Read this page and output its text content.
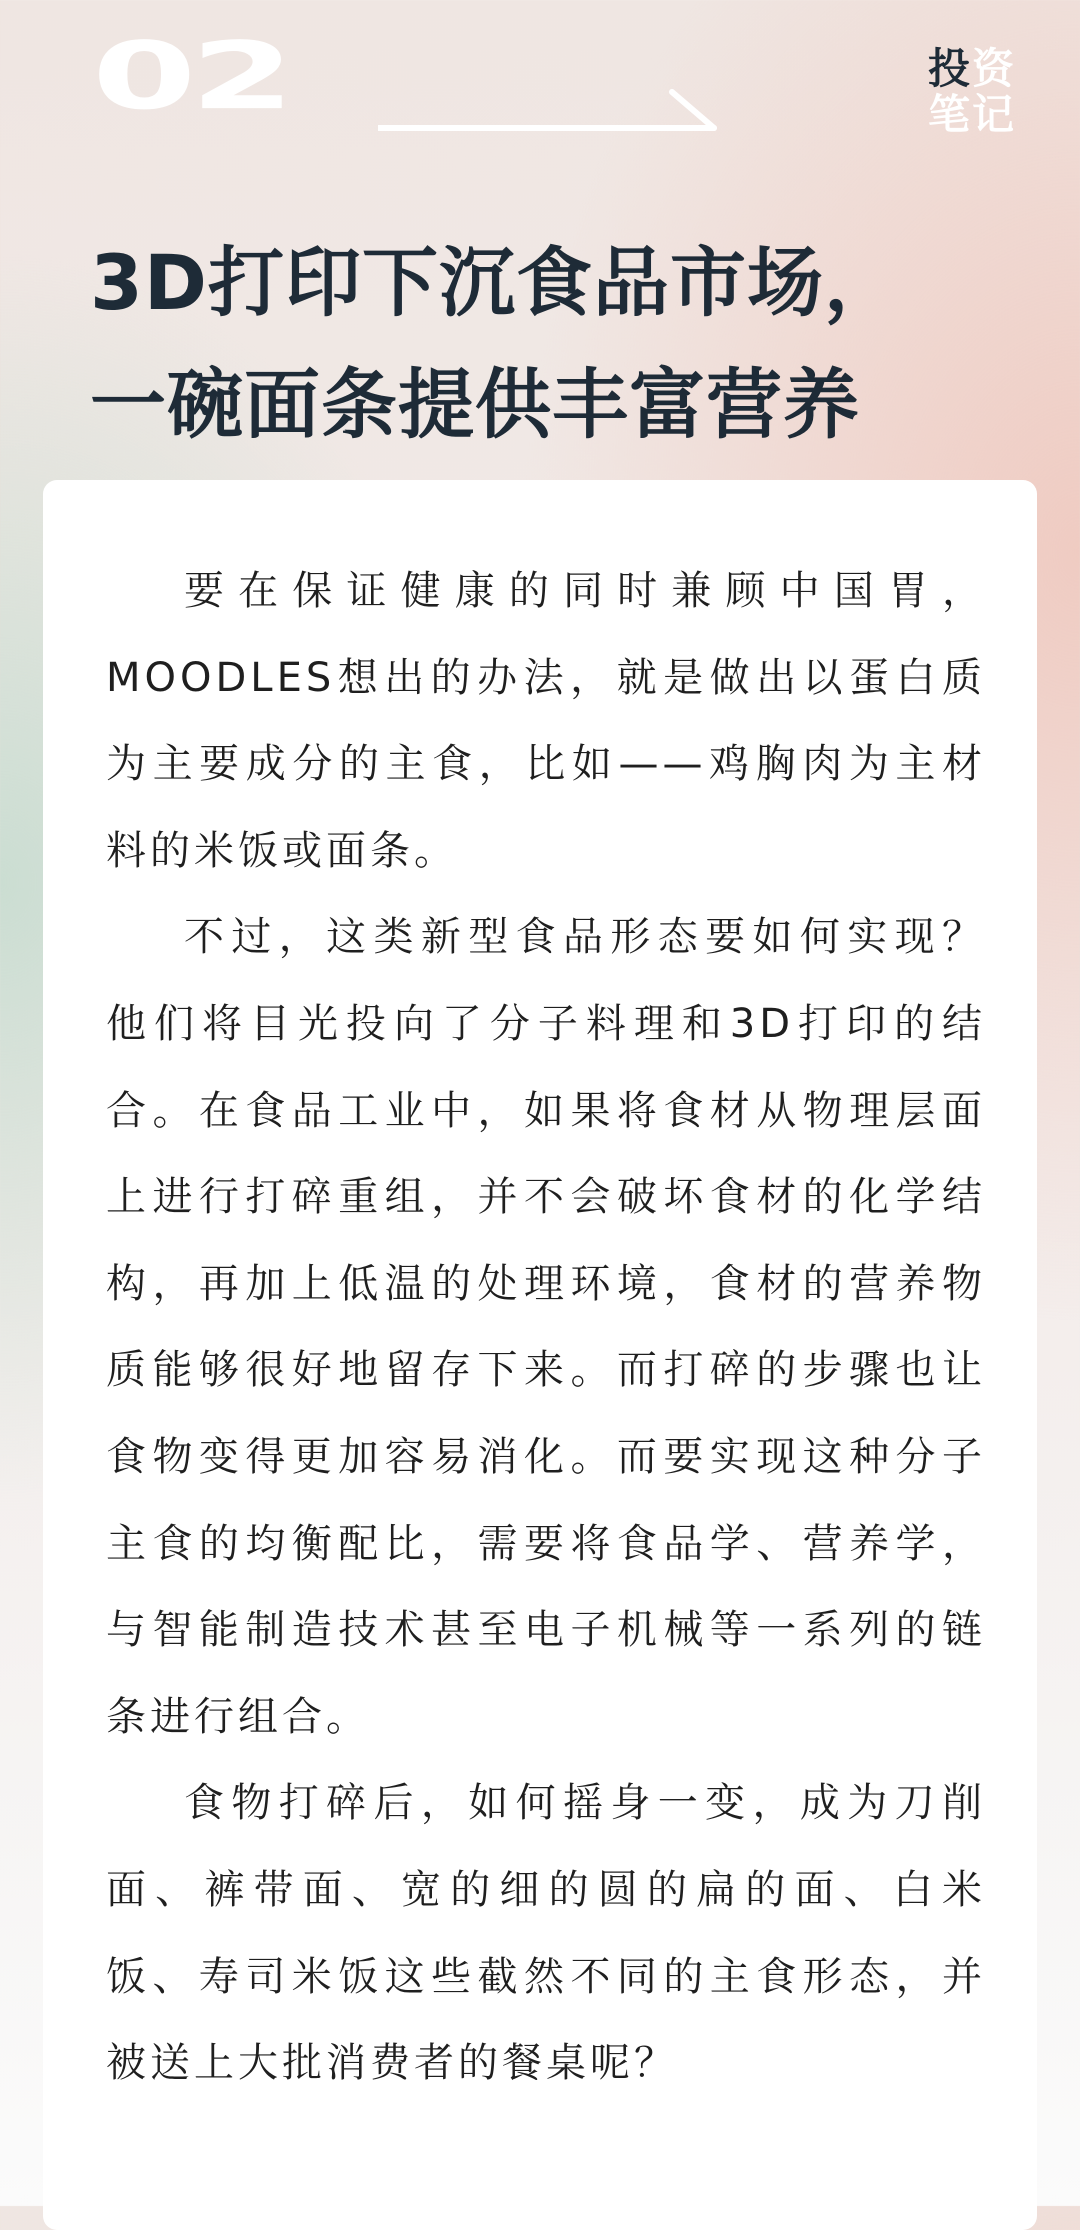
02	投资
笔记
3D打印下沉食品市场，
一碗面条提供丰富营养

要在保证健康的同时兼顾中国胃，
MOODLES想出的办法，就是做出以蛋白质
为主要成分的主食，比如——鸡胸肉为主材
料的米饭或面条。

不过，这类新型食品形态要如何实现？
他们将目光投向了分子料理和3D打印的结
合。在食品工业中，如果将食材从物理层面
上进行打碎重组，并不会破坏食材的化学结
构，再加上低温的处理环境，食材的营养物
质能够很好地留存下来。而打碎的步骤也让
食物变得更加容易消化。而要实现这种分子
主食的均衡配比，需要将食品学、营养学，
与智能制造技术甚至电子机械等一系列的链
条进行组合。

食物打碎后，如何摇身一变，成为刀削
面、裤带面、宽的细的圆的扁的面、白米
饭、寿司米饭这些截然不同的主食形态，并
被送上大批消费者的餐桌呢？
